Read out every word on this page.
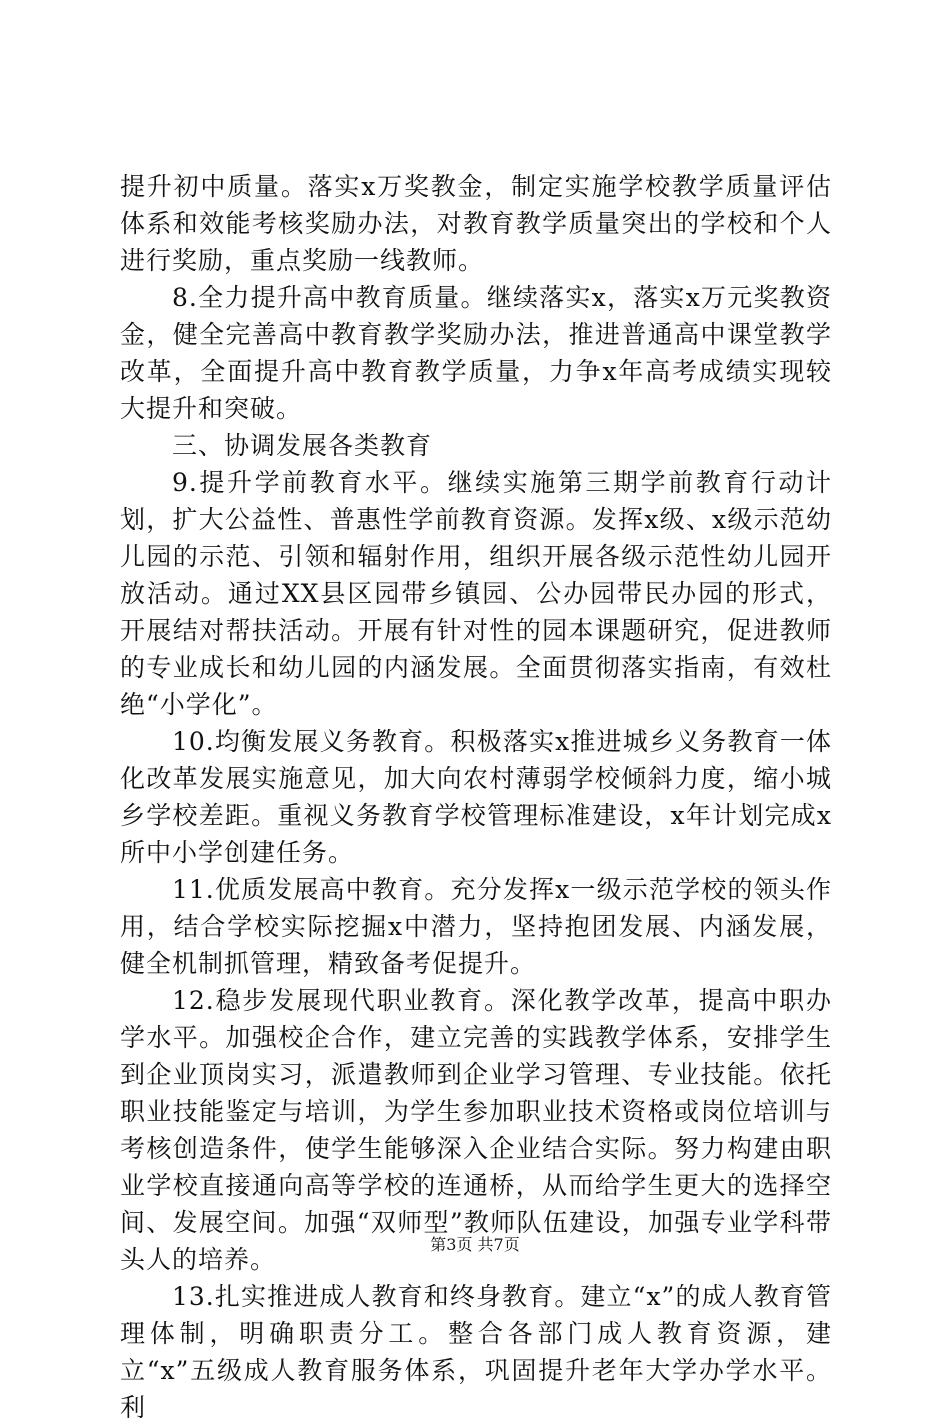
提升初中质量。落实x万奖教金，制定实施学校教学质量评估体系和效能考核奖励办法，对教育教学质量突出的学校和个人进行奖励，重点奖励一线教师。

8.全力提升高中教育质量。继续落实x，落实x万元奖教资金，健全完善高中教育教学奖励办法，推进普通高中课堂教学改革，全面提升高中教育教学质量，力争x年高考成绩实现较大提升和突破。

三、协调发展各类教育

9.提升学前教育水平。继续实施第三期学前教育行动计划，扩大公益性、普惠性学前教育资源。发挥x级、x级示范幼儿园的示范、引领和辐射作用，组织开展各级示范性幼儿园开放活动。通过XX县区园带乡镇园、公办园带民办园的形式，开展结对帮扶活动。开展有针对性的园本课题研究，促进教师的专业成长和幼儿园的内涵发展。全面贯彻落实指南，有效杜绝“小学化”。

10.均衡发展义务教育。积极落实x推进城乡义务教育一体化改革发展实施意见，加大向农村薄弱学校倾斜力度，缩小城乡学校差距。重视义务教育学校管理标准建设，x年计划完成x所中小学创建任务。

11.优质发展高中教育。充分发挥x一级示范学校的领头作用，结合学校实际挖掘x中潜力，坚持抱团发展、内涵发展，健全机制抓管理，精致备考促提升。

12.稳步发展现代职业教育。深化教学改革，提高中职办学水平。加强校企合作，建立完善的实践教学体系，安排学生到企业顶岗实习，派遣教师到企业学习管理、专业技能。依托职业技能鉴定与培训，为学生参加职业技术资格或岗位培训与考核创造条件，使学生能够深入企业结合实际。努力构建由职业学校直接通向高等学校的连通桥，从而给学生更大的选择空间、发展空间。加强“双师型”教师队伍建设，加强专业学科带头人的培养。

13.扎实推进成人教育和终身教育。建立“x”的成人教育管理体制，明确职责分工。整合各部门成人教育资源，建立“x”五级成人教育服务体系，巩固提升老年大学办学水平。利

第3页 共7页
